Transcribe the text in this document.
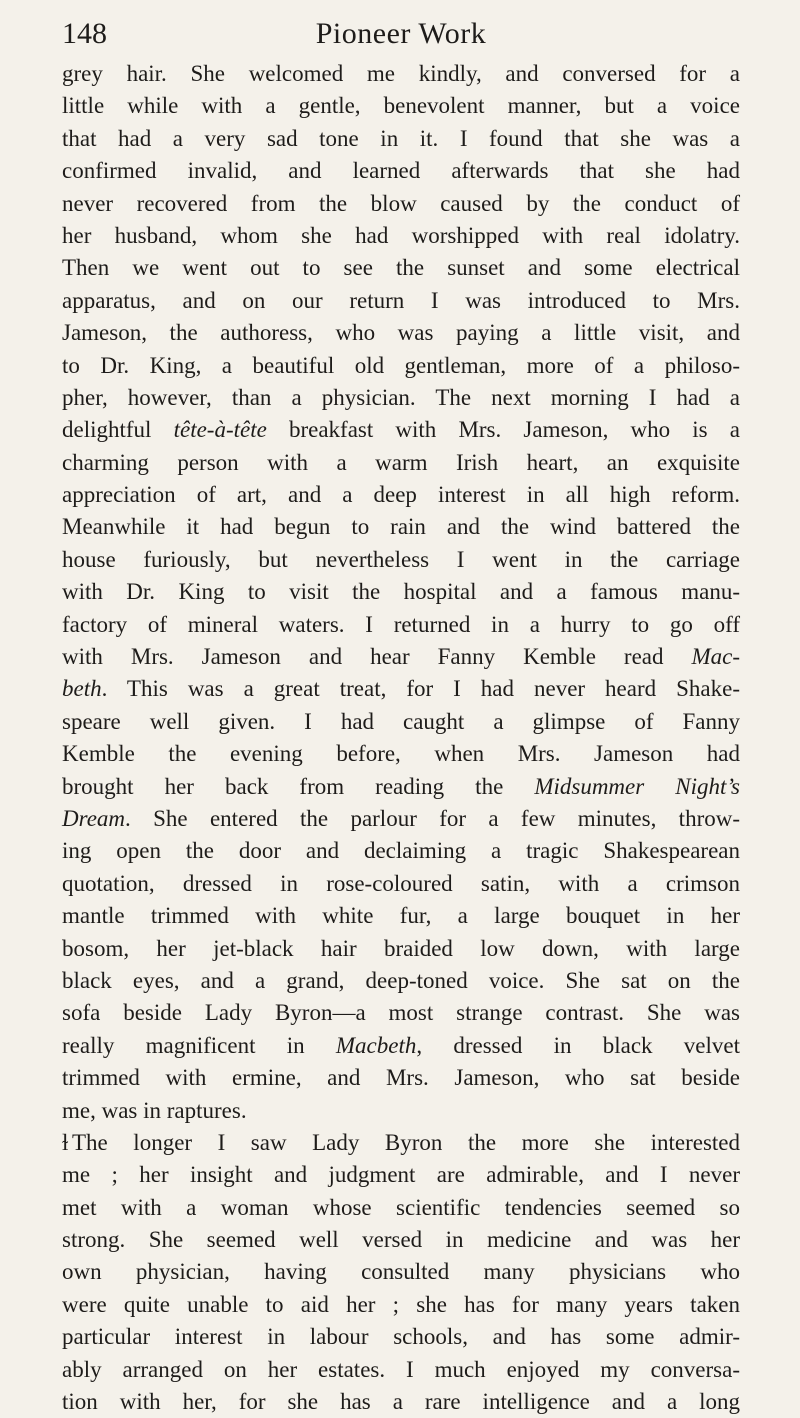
148	Pioneer Work
grey hair. She welcomed me kindly, and conversed for a
little while with a gentle, benevolent manner, but a voice
that had a very sad tone in it. I found that she was a
confirmed invalid, and learned afterwards that she had
never recovered from the blow caused by the conduct of
her husband, whom she had worshipped with real idolatry.
Then we went out to see the sunset and some electrical
apparatus, and on our return I was introduced to Mrs.
Jameson, the authoress, who was paying a little visit, and
to Dr. King, a beautiful old gentleman, more of a philoso-
pher, however, than a physician. The next morning I had a
delightful tête-à-tête breakfast with Mrs. Jameson, who is a
charming person with a warm Irish heart, an exquisite
appreciation of art, and a deep interest in all high reform.
Meanwhile it had begun to rain and the wind battered the
house furiously, but nevertheless I went in the carriage
with Dr. King to visit the hospital and a famous manu-
factory of mineral waters. I returned in a hurry to go off
with Mrs. Jameson and hear Fanny Kemble read Mac-
beth. This was a great treat, for I had never heard Shake-
speare well given. I had caught a glimpse of Fanny
Kemble the evening before, when Mrs. Jameson had
brought her back from reading the Midsummer Night’s
Dream. She entered the parlour for a few minutes, throw-
ing open the door and declaiming a tragic Shakespearean
quotation, dressed in rose-coloured satin, with a crimson
mantle trimmed with white fur, a large bouquet in her
bosom, her jet-black hair braided low down, with large
black eyes, and a grand, deep-toned voice. She sat on the
sofa beside Lady Byron—a most strange contrast. She was
really magnificent in Macbeth, dressed in black velvet
trimmed with ermine, and Mrs. Jameson, who sat beside
me, was in raptures.
ɫ The longer I saw Lady Byron the more she interested
me ; her insight and judgment are admirable, and I never
met with a woman whose scientific tendencies seemed so
strong. She seemed well versed in medicine and was her
own physician, having consulted many physicians who
were quite unable to aid her ; she has for many years taken
particular interest in labour schools, and has some admir-
ably arranged on her estates. I much enjoyed my conversa-
tion with her, for she has a rare intelligence and a long
